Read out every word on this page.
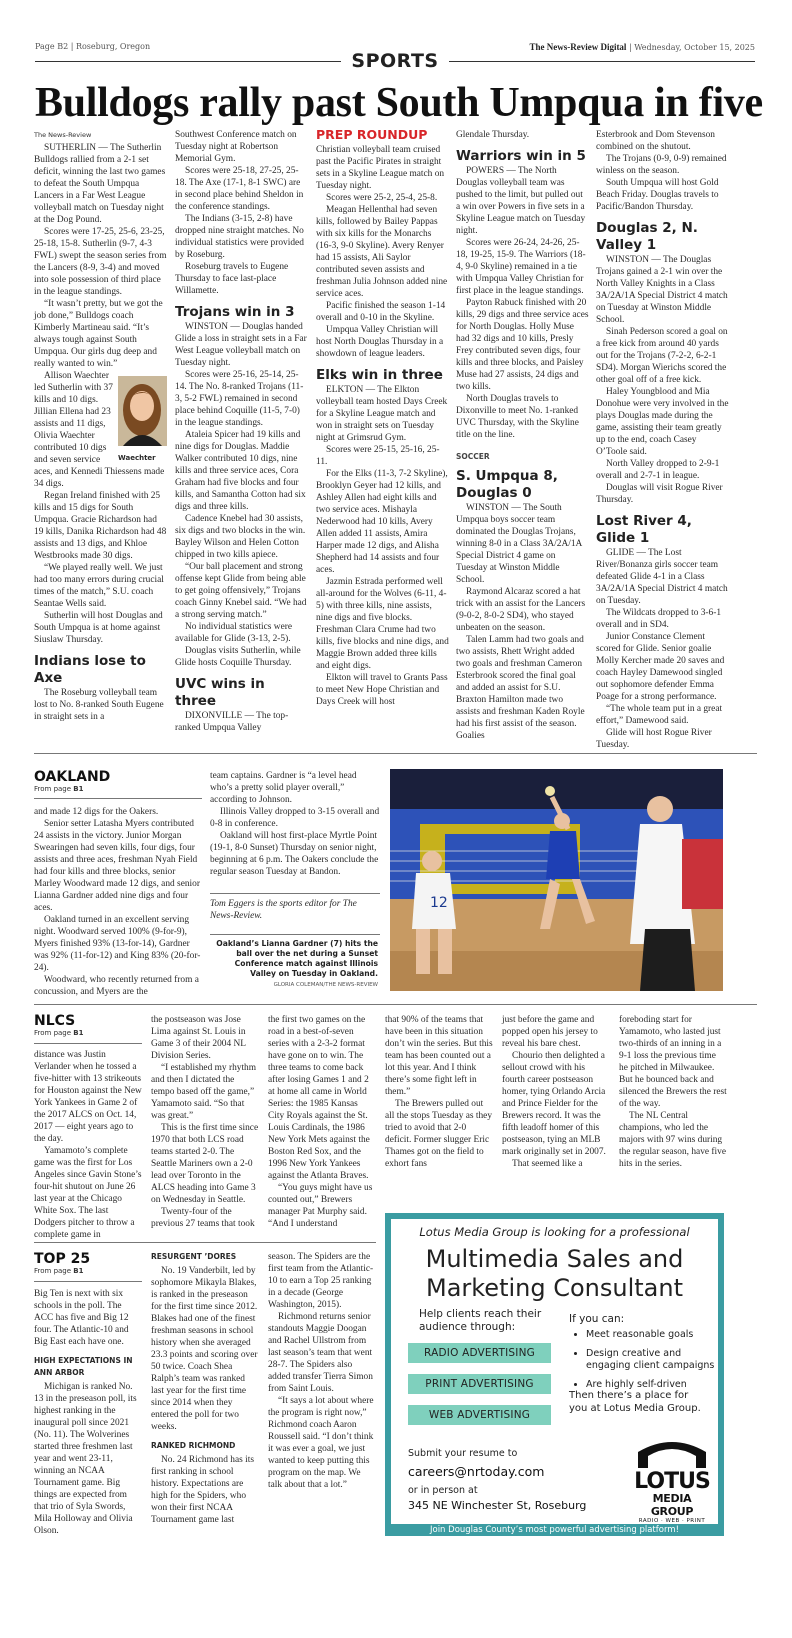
Page B2 | Roseburg, Oregon	The News-Review Digital | Wednesday, October 15, 2025
SPORTS
Bulldogs rally past South Umpqua in five
The News-Review

SUTHERLIN — The Sutherlin Bulldogs rallied from a 2-1 set deficit, winning the last two games to defeat the South Umpqua Lancers in a Far West League volleyball match on Tuesday night at the Dog Pound.

Scores were 17-25, 25-6, 23-25, 25-18, 15-8. Sutherlin (9-7, 4-3 FWL) swept the season series from the Lancers (8-9, 3-4) and moved into sole possession of third place in the league standings.

“It wasn’t pretty, but we got the job done,” Bulldogs coach Kimberly Martineau said. “It’s always tough against South Umpqua. Our girls dug deep and really wanted to win.”

Waechter

Allison Waechter led Sutherlin with 37 kills and 10 digs. Jillian Ellena had 23 assists and 11 digs, Olivia Waechter contributed 10 digs and seven service aces, and Kennedi Thiessens made 34 digs.

Regan Ireland finished with 25 kills and 15 digs for South Umpqua. Gracie Richardson had 19 kills, Danika Richardson had 48 assists and 13 digs, and Khloe Westbrooks made 30 digs.

“We played really well. We just had too many errors during crucial times of the match,” S.U. coach Seantae Wells said.

Sutherlin will host Douglas and South Umpqua is at home against Siuslaw Thursday.

Indians lose to Axe

The Roseburg volleyball team lost to No. 8-ranked South Eugene in straight sets in a

Southwest Conference match on Tuesday night at Robertson Memorial Gym.

Scores were 25-18, 27-25, 25-18. The Axe (17-1, 8-1 SWC) are in second place behind Sheldon in the conference standings.

The Indians (3-15, 2-8) have dropped nine straight matches. No individual statistics were provided by Roseburg.

Roseburg travels to Eugene Thursday to face last-place Willamette.

Trojans win in 3

WINSTON — Douglas handed Glide a loss in straight sets in a Far West League volleyball match on Tuesday night.

Scores were 25-16, 25-14, 25-14. The No. 8-ranked Trojans (11-3, 5-2 FWL) remained in second place behind Coquille (11-5, 7-0) in the league standings.

Ataleia Spicer had 19 kills and nine digs for Douglas. Maddie Walker contributed 10 digs, nine kills and three service aces, Cora Graham had five blocks and four kills, and Samantha Cotton had six digs and three kills.

Cadence Knebel had 30 assists, six digs and two blocks in the win. Bayley Wilson and Helen Cotton chipped in two kills apiece.

“Our ball placement and strong offense kept Glide from being able to get going offensively,” Trojans coach Ginny Knebel said. “We had a strong serving match.”

No individual statistics were available for Glide (3-13, 2-5).

Douglas visits Sutherlin, while Glide hosts Coquille Thursday.

UVC wins in three

DIXONVILLE — The top-ranked Umpqua Valley

PREP ROUNDUP

Christian volleyball team cruised past the Pacific Pirates in straight sets in a Skyline League match on Tuesday night.

Scores were 25-2, 25-4, 25-8.

Meagan Hellenthal had seven kills, followed by Bailey Pappas with six kills for the Monarchs (16-3, 9-0 Skyline). Avery Renyer had 15 assists, Ali Saylor contributed seven assists and freshman Julia Johnson added nine service aces.

Pacific finished the season 1-14 overall and 0-10 in the Skyline.

Umpqua Valley Christian will host North Douglas Thursday in a showdown of league leaders.

Elks win in three

ELKTON — The Elkton volleyball team hosted Days Creek for a Skyline League match and won in straight sets on Tuesday night at Grimsrud Gym.

Scores were 25-15, 25-16, 25-11.

For the Elks (11-3, 7-2 Skyline), Brooklyn Geyer had 12 kills, and Ashley Allen had eight kills and two service aces. Mishayla Nederwood had 10 kills, Avery Allen added 11 assists, Amira Harper made 12 digs, and Alisha Shepherd had 14 assists and four aces.

Jazmin Estrada performed well all-around for the Wolves (6-11, 4-5) with three kills, nine assists, nine digs and five blocks. Freshman Clara Crume had two kills, five blocks and nine digs, and Maggie Brown added three kills and eight digs.

Elkton will travel to Grants Pass to meet New Hope Christian and Days Creek will host

Glendale Thursday.

Warriors win in 5

POWERS — The North Douglas volleyball team was pushed to the limit, but pulled out a win over Powers in five sets in a Skyline League match on Tuesday night.

Scores were 26-24, 24-26, 25-18, 19-25, 15-9. The Warriors (18-4, 9-0 Skyline) remained in a tie with Umpqua Valley Christian for first place in the league standings.

Payton Rabuck finished with 20 kills, 29 digs and three service aces for North Douglas. Holly Muse had 32 digs and 10 kills, Presly Frey contributed seven digs, four kills and three blocks, and Paisley Muse had 27 assists, 24 digs and two kills.

North Douglas travels to Dixonville to meet No. 1-ranked UVC Thursday, with the Skyline title on the line.

SOCCER
S. Umpqua 8, Douglas 0

WINSTON — The South Umpqua boys soccer team dominated the Douglas Trojans, winning 8-0 in a Class 3A/2A/1A Special District 4 game on Tuesday at Winston Middle School.

Raymond Alcaraz scored a hat trick with an assist for the Lancers (9-0-2, 8-0-2 SD4), who stayed unbeaten on the season.

Talen Lamm had two goals and two assists, Rhett Wright added two goals and freshman Cameron Esterbrook scored the final goal and added an assist for S.U. Braxton Hamilton made two assists and freshman Kaden Royle had his first assist of the season. Goalies

Esterbrook and Dom Stevenson combined on the shutout.

The Trojans (0-9, 0-9) remained winless on the season.

South Umpqua will host Gold Beach Friday. Douglas travels to Pacific/Bandon Thursday.

Douglas 2, N. Valley 1

WINSTON — The Douglas Trojans gained a 2-1 win over the North Valley Knights in a Class 3A/2A/1A Special District 4 match on Tuesday at Winston Middle School.

Sinah Pederson scored a goal on a free kick from around 40 yards out for the Trojans (7-2-2, 6-2-1 SD4). Morgan Wierichs scored the other goal off of a free kick.

Haley Youngblood and Mia Donohue were very involved in the plays Douglas made during the game, assisting their team greatly up to the end, coach Casey O’Toole said.

North Valley dropped to 2-9-1 overall and 2-7-1 in league.

Douglas will visit Rogue River Thursday.

Lost River 4, Glide 1

GLIDE — The Lost River/Bonanza girls soccer team defeated Glide 4-1 in a Class 3A/2A/1A Special District 4 match on Tuesday.

The Wildcats dropped to 3-6-1 overall and in SD4.

Junior Constance Clement scored for Glide. Senior goalie Molly Kercher made 20 saves and coach Hayley Damewood singled out sophomore defender Emma Poage for a strong performance.

“The whole team put in a great effort,” Damewood said.

Glide will host Rogue River Tuesday.

OAKLAND
From page B1

and made 12 digs for the Oakers.

Senior setter Latasha Myers contributed 24 assists in the victory. Junior Morgan Swearingen had seven kills, four digs, four assists and three aces, freshman Nyah Field had four kills and three blocks, senior Marley Woodward made 12 digs, and senior Lianna Gardner added nine digs and four aces.

Oakland turned in an excellent serving night. Woodward served 100% (9-for-9), Myers finished 93% (13-for-14), Gardner was 92% (11-for-12) and King 83% (20-for-24).

Woodward, who recently returned from a concussion, and Myers are the

team captains. Gardner is “a level head who’s a pretty solid player overall,” according to Johnson.

Illinois Valley dropped to 3-15 overall and 0-8 in conference.

Oakland will host first-place Myrtle Point (19-1, 8-0 Sunset) Thursday on senior night, beginning at 6 p.m. The Oakers conclude the regular season Tuesday at Bandon.

Tom Eggers is the sports editor for The News-Review.
Oakland’s Lianna Gardner (7) hits the ball over the net during a Sunset Conference match against Illinois Valley on Tuesday in Oakland.
GLORIA COLEMAN/THE NEWS-REVIEW
12
NLCS
From page B1

distance was Justin Verlander when he tossed a five-hitter with 13 strikeouts for Houston against the New York Yankees in Game 2 of the 2017 ALCS on Oct. 14, 2017 — eight years ago to the day.

Yamamoto’s complete game was the first for Los Angeles since Gavin Stone’s four-hit shutout on June 26 last year at the Chicago White Sox. The last Dodgers pitcher to throw a complete game in

the postseason was Jose Lima against St. Louis in Game 3 of their 2004 NL Division Series.

“I established my rhythm and then I dictated the tempo based off the game,” Yamamoto said. “So that was great.”

This is the first time since 1970 that both LCS road teams started 2-0. The Seattle Mariners own a 2-0 lead over Toronto in the ALCS heading into Game 3 on Wednesday in Seattle.

Twenty-four of the previous 27 teams that took

the first two games on the road in a best-of-seven series with a 2-3-2 format have gone on to win. The three teams to come back after losing Games 1 and 2 at home all came in World Series: the 1985 Kansas City Royals against the St. Louis Cardinals, the 1986 New York Mets against the Boston Red Sox, and the 1996 New York Yankees against the Atlanta Braves.

“You guys might have us counted out,” Brewers manager Pat Murphy said. “And I understand

that 90% of the teams that have been in this situation don’t win the series. But this team has been counted out a lot this year. And I think there’s some fight left in them.”

The Brewers pulled out all the stops Tuesday as they tried to avoid that 2-0 deficit. Former slugger Eric Thames got on the field to exhort fans

just before the game and popped open his jersey to reveal his bare chest.

Chourio then delighted a sellout crowd with his fourth career postseason homer, tying Orlando Arcia and Prince Fielder for the Brewers record. It was the fifth leadoff homer of this postseason, tying an MLB mark originally set in 2007.

That seemed like a

foreboding start for Yamamoto, who lasted just two-thirds of an inning in a 9-1 loss the previous time he pitched in Milwaukee. But he bounced back and silenced the Brewers the rest of the way.

The NL Central champions, who led the majors with 97 wins during the regular season, have five hits in the series.

TOP 25
From page B1

Big Ten is next with six schools in the poll. The ACC has five and Big 12 four. The Atlantic-10 and Big East each have one.

HIGH EXPECTATIONS IN ANN ARBOR

Michigan is ranked No. 13 in the preseason poll, its highest ranking in the inaugural poll since 2021 (No. 11). The Wolverines started three freshmen last year and went 23-11, winning an NCAA Tournament game. Big things are expected from that trio of Syla Swords, Mila Holloway and Olivia Olson.

RESURGENT ’DORES

No. 19 Vanderbilt, led by sophomore Mikayla Blakes, is ranked in the preseason for the first time since 2012. Blakes had one of the finest freshman seasons in school history when she averaged 23.3 points and scoring over 50 twice. Coach Shea Ralph’s team was ranked last year for the first time since 2014 when they entered the poll for two weeks.

RANKED RICHMOND

No. 24 Richmond has its first ranking in school history. Expectations are high for the Spiders, who won their first NCAA Tournament game last

season. The Spiders are the first team from the Atlantic-10 to earn a Top 25 ranking in a decade (George Washington, 2015).

Richmond returns senior standouts Maggie Doogan and Rachel Ullstrom from last season’s team that went 28-7. The Spiders also added transfer Tierra Simon from Saint Louis.

“It says a lot about where the program is right now,” Richmond coach Aaron Roussell said. “I don’t think it was ever a goal, we just wanted to keep putting this program on the map. We talk about that a lot.”

Lotus Media Group is looking for a professional
Multimedia Sales and
Marketing Consultant
Help clients reach their audience through:
RADIO ADVERTISING
PRINT ADVERTISING
WEB ADVERTISING
If you can:
• Meet reasonable goals
• Design creative and engaging client campaigns
• Are highly self-driven
Then there’s a place for you at Lotus Media Group.
Submit your resume to
careers@nrtoday.com
or in person at
345 NE Winchester St, Roseburg
LOTUS
MEDIA GROUP
RADIO · WEB · PRINT
Join Douglas County’s most powerful advertising platform!
